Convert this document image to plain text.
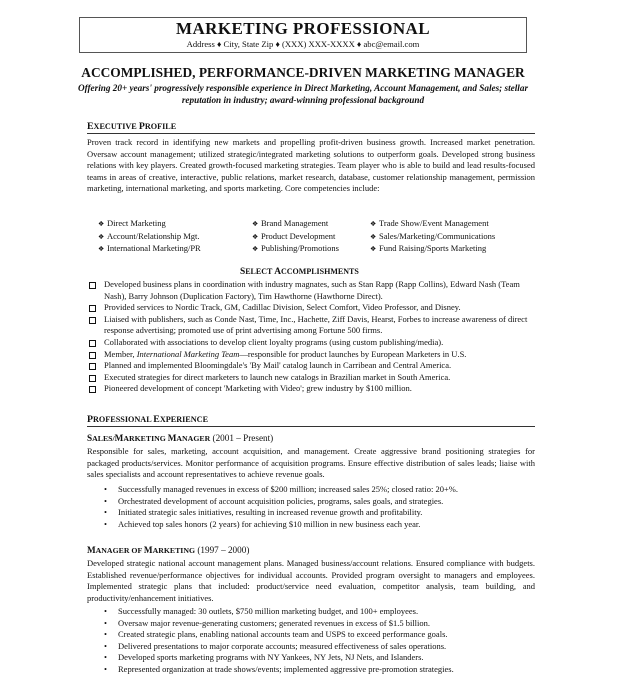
MARKETING PROFESSIONAL
Address ♦ City, State Zip ♦ (XXX) XXX-XXXX ♦ abc@email.com
ACCOMPLISHED, PERFORMANCE-DRIVEN MARKETING MANAGER
Offering 20+ years' progressively responsible experience in Direct Marketing, Account Management, and Sales; stellar reputation in industry; award-winning professional background
EXECUTIVE PROFILE
Proven track record in identifying new markets and propelling profit-driven business growth. Increased market penetration. Oversaw account management; utilized strategic/integrated marketing solutions to outperform goals. Developed strong business relations with key players. Created growth-focused marketing strategies. Team player who is able to build and lead results-focused teams in areas of creative, interactive, public relations, market research, database, customer relationship management, permission marketing, international marketing, and sports marketing. Core competencies include:
❖ Direct Marketing
❖ Account/Relationship Mgt.
❖ International Marketing/PR
❖ Brand Management
❖ Product Development
❖ Publishing/Promotions
❖ Trade Show/Event Management
❖ Sales/Marketing/Communications
❖ Fund Raising/Sports Marketing
SELECT ACCOMPLISHMENTS
Developed business plans in coordination with industry magnates, such as Stan Rapp (Rapp Collins), Edward Nash (Team Nash), Barry Johnson (Duplication Factory), Tim Hawthorne (Hawthorne Direct).
Provided services to Nordic Track, GM, Cadillac Division, Select Comfort, Video Professor, and Disney.
Liaised with publishers, such as Conde Nast, Time, Inc., Hachette, Ziff Davis, Hearst, Forbes to increase awareness of direct response advertising; promoted use of print advertising among Fortune 500 firms.
Collaborated with associations to develop client loyalty programs (using custom publishing/media).
Member, International Marketing Team—responsible for product launches by European Marketers in U.S.
Planned and implemented Bloomingdale's 'By Mail' catalog launch in Carribean and Central America.
Executed strategies for direct marketers to launch new catalogs in Brazilian market in South America.
Pioneered development of concept 'Marketing with Video'; grew industry by $100 million.
PROFESSIONAL EXPERIENCE
SALES/MARKETING MANAGER (2001 – Present)
Responsible for sales, marketing, account acquisition, and management. Create aggressive brand positioning strategies for packaged products/services. Monitor performance of acquisition programs. Ensure effective distribution of sales leads; liaise with sales specialists and account representatives to achieve revenue goals.
• Successfully managed revenues in excess of $200 million; increased sales 25%; closed ratio: 20+%.
• Orchestrated development of account acquisition policies, programs, sales goals, and strategies.
• Initiated strategic sales initiatives, resulting in increased revenue growth and profitability.
• Achieved top sales honors (2 years) for achieving $10 million in new business each year.
MANAGER OF MARKETING (1997 – 2000)
Developed strategic national account management plans. Managed business/account relations. Ensured compliance with budgets. Established revenue/performance objectives for individual accounts. Provided program oversight to managers and employees. Implemented strategic plans that included: product/service need evaluation, competitor analysis, team building, and productivity/enhancement initiatives.
• Successfully managed: 30 outlets, $750 million marketing budget, and 100+ employees.
• Oversaw major revenue-generating customers; generated revenues in excess of $1.5 billion.
• Created strategic plans, enabling national accounts team and USPS to exceed performance goals.
• Delivered presentations to major corporate accounts; measured effectiveness of sales operations.
• Developed sports marketing programs with NY Yankees, NY Jets, NJ Nets, and Islanders.
• Represented organization at trade shows/events; implemented aggressive pre-promotion strategies.
